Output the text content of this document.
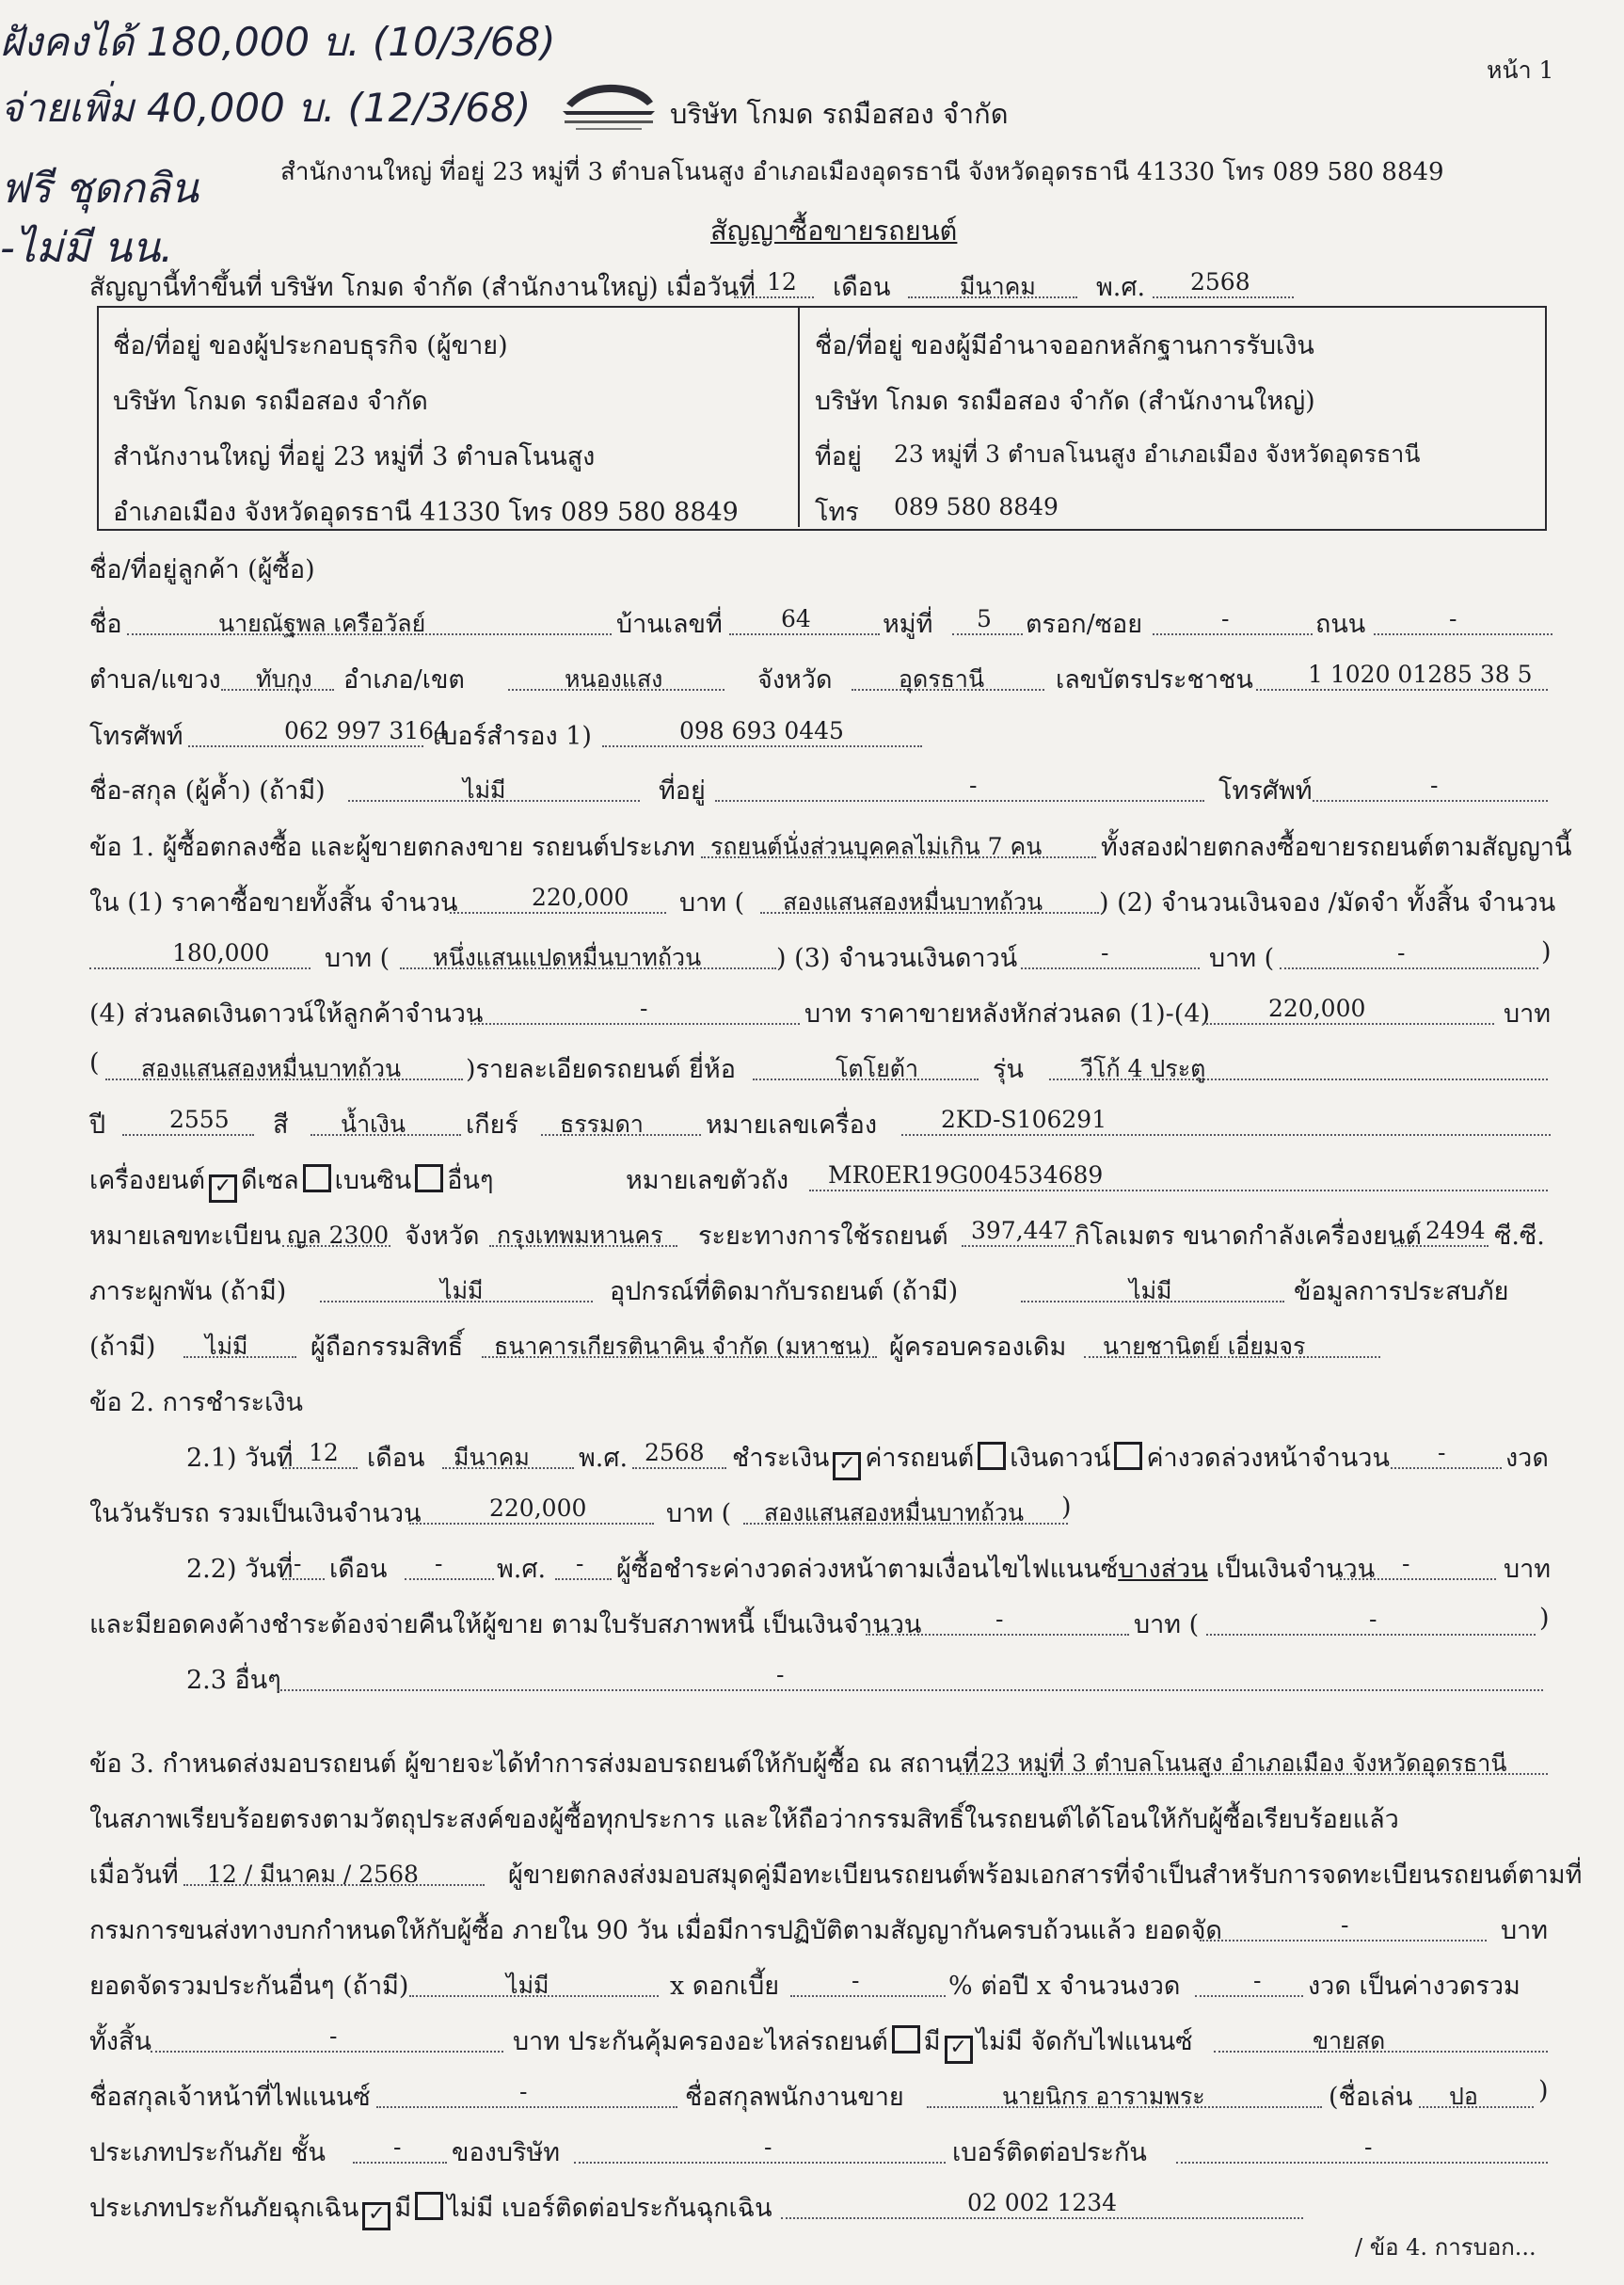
ฝังคงได้ 180,000 บ. (10/3/68)
จ่ายเพิ่ม 40,000 บ. (12/3/68)
ฟรี ชุดกลิน
-ไม่มี นน.
หน้า 1
บริษัท โกมด รถมือสอง จำกัด
สำนักงานใหญ่ ที่อยู่ 23 หมู่ที่ 3 ตำบลโนนสูง อำเภอเมืองอุดรธานี จังหวัดอุดรธานี 41330 โทร 089 580 8849
สัญญาซื้อขายรถยนต์
สัญญานี้ทำขึ้นที่ บริษัท โกมด จำกัด (สำนักงานใหญ่) เมื่อวันที่ 12 เดือน	มีนาคม พ.ศ. 2568
ชื่อ/ที่อยู่ ของผู้ประกอบธุรกิจ (ผู้ขาย)
บริษัท โกมด รถมือสอง จำกัด
สำนักงานใหญ่ ที่อยู่ 23 หมู่ที่ 3 ตำบลโนนสูง
อำเภอเมือง จังหวัดอุดรธานี 41330 โทร 089 580 8849
ชื่อ/ที่อยู่ ของผู้มีอำนาจออกหลักฐานการรับเงิน
บริษัท โกมด รถมือสอง จำกัด (สำนักงานใหญ่)
ที่อยู่ 23 หมู่ที่ 3 ตำบลโนนสูง อำเภอเมือง จังหวัดอุดรธานี
โทร 089 580 8849
ชื่อ/ที่อยู่ลูกค้า (ผู้ซื้อ)
ชื่อ	นายณัฐพล เครือวัลย์	บ้านเลขที่ 64	หมู่ที่ 5 ตรอก/ซอย	-	ถนน	-
ตำบล/แขวง ทับกุง อำเภอ/เขต	หนองแสง	จังหวัด	อุดรธานี	เลขบัตรประชาชน 1 1020 01285 38 5
โทรศัพท์	062 997 3164
เบอร์สำรอง 1)	098 693 0445
ชื่อ-สกุล (ผู้ค้ำ) (ถ้ามี)	ไม่มี	ที่อยู่	-	โทรศัพท์	-
ข้อ 1. ผู้ซื้อตกลงซื้อ และผู้ขายตกลงขาย รถยนต์ประเภท รถยนต์นั่งส่วนบุคคลไม่เกิน 7 คน ทั้งสองฝ่ายตกลงซื้อขายรถยนต์ตามสัญญานี้
ใน (1) ราคาซื้อขายทั้งสิ้น จำนวน	220,000 บาท ( สองแสนสองหมื่นบาทถ้วน ) (2) จำนวนเงินจอง /มัดจำ ทั้งสิ้น จำนวน
180,000 บาท ( หนึ่งแสนแปดหมื่นบาทถ้วน	) (3) จำนวนเงินดาวน์	-	บาท (	-	)
(4) ส่วนลดเงินดาวน์ให้ลูกค้าจำนวน	-	บาท ราคาขายหลังหักส่วนลด (1)-(4) 220,000	บาท
( สองแสนสองหมื่นบาทถ้วน	)รายละเอียดรถยนต์ ยี่ห้อ	โตโยต้า	รุ่น วีโก้ 4 ประตู
ปี	2555 สี น้ำเงิน เกียร์ ธรรมดา หมายเลขเครื่อง	2KD-S106291
เครื่องยนต์ ✓ ดีเซล เบนซิน อื่นๆ	หมายเลขตัวถัง MR0ER19G004534689
หมายเลขทะเบียน ญล 2300 จังหวัด กรุงเทพมหานคร ระยะทางการใช้รถยนต์ 397,447 กิโลเมตร ขนาดกำลังเครื่องยนต์ 2494 ซี.ซี.
ภาระผูกพัน (ถ้ามี)	ไม่มี	อุปกรณ์ที่ติดมากับรถยนต์ (ถ้ามี)	ไม่มี	ข้อมูลการประสบภัย
(ถ้ามี) ไม่มี ผู้ถือกรรมสิทธิ์ ธนาคารเกียรตินาคิน จำกัด (มหาชน) ผู้ครอบครองเดิม นายชานิตย์ เอี่ยมจร
ข้อ 2. การชำระเงิน
2.1) วันที่ 12 เดือน มีนาคม พ.ศ. 2568 ชำระเงิน ✓ ค่ารถยนต์ เงินดาวน์ ค่างวดล่วงหน้าจำนวน - งวด
ในวันรับรถ รวมเป็นเงินจำนวน	220,000	บาท ( สองแสนสองหมื่นบาทถ้วน )
2.2) วันที่ - เดือน - พ.ศ. - ผู้ซื้อชำระค่างวดล่วงหน้าตามเงื่อนไขไฟแนนซ์บางส่วน เป็นเงินจำนวน -	บาท
และมียอดคงค้างชำระต้องจ่ายคืนให้ผู้ขาย ตามใบรับสภาพหนี้ เป็นเงินจำนวน	-	บาท (	-	)
2.3 อื่นๆ	-
ข้อ 3. กำหนดส่งมอบรถยนต์ ผู้ขายจะได้ทำการส่งมอบรถยนต์ให้กับผู้ซื้อ ณ สถานที่ 23 หมู่ที่ 3 ตำบลโนนสูง อำเภอเมือง จังหวัดอุดรธานี
ในสภาพเรียบร้อยตรงตามวัตถุประสงค์ของผู้ซื้อทุกประการ และให้ถือว่ากรรมสิทธิ์ในรถยนต์ได้โอนให้กับผู้ซื้อเรียบร้อยแล้ว
เมื่อวันที่ 12 / มีนาคม / 2568	ผู้ขายตกลงส่งมอบสมุดคู่มือทะเบียนรถยนต์พร้อมเอกสารที่จำเป็นสำหรับการจดทะเบียนรถยนต์ตามที่
กรมการขนส่งทางบกกำหนดให้กับผู้ซื้อ ภายใน 90 วัน เมื่อมีการปฏิบัติตามสัญญากันครบถ้วนแล้ว ยอดจัด	-	บาท
ยอดจัดรวมประกันอื่นๆ (ถ้ามี)	ไม่มี	x ดอกเบี้ย	-	% ต่อปี x จำนวนงวด	- งวด เป็นค่างวดรวม
ทั้งสิ้น	-	บาท ประกันคุ้มครองอะไหล่รถยนต์ มี ✓ ไม่มี จัดกับไฟแนนซ์	ขายสด
ชื่อสกุลเจ้าหน้าที่ไฟแนนซ์	-	ชื่อสกุลพนักงานขาย	นายนิกร อารามพระ	(ชื่อเล่น ปอ )
ประเภทประกันภัย ชั้น	- ของบริษัท	-	เบอร์ติดต่อประกัน	-
ประเภทประกันภัยฉุกเฉิน ✓ มี ไม่มี เบอร์ติดต่อประกันฉุกเฉิน	02 002 1234
/ ข้อ 4. การบอก...
